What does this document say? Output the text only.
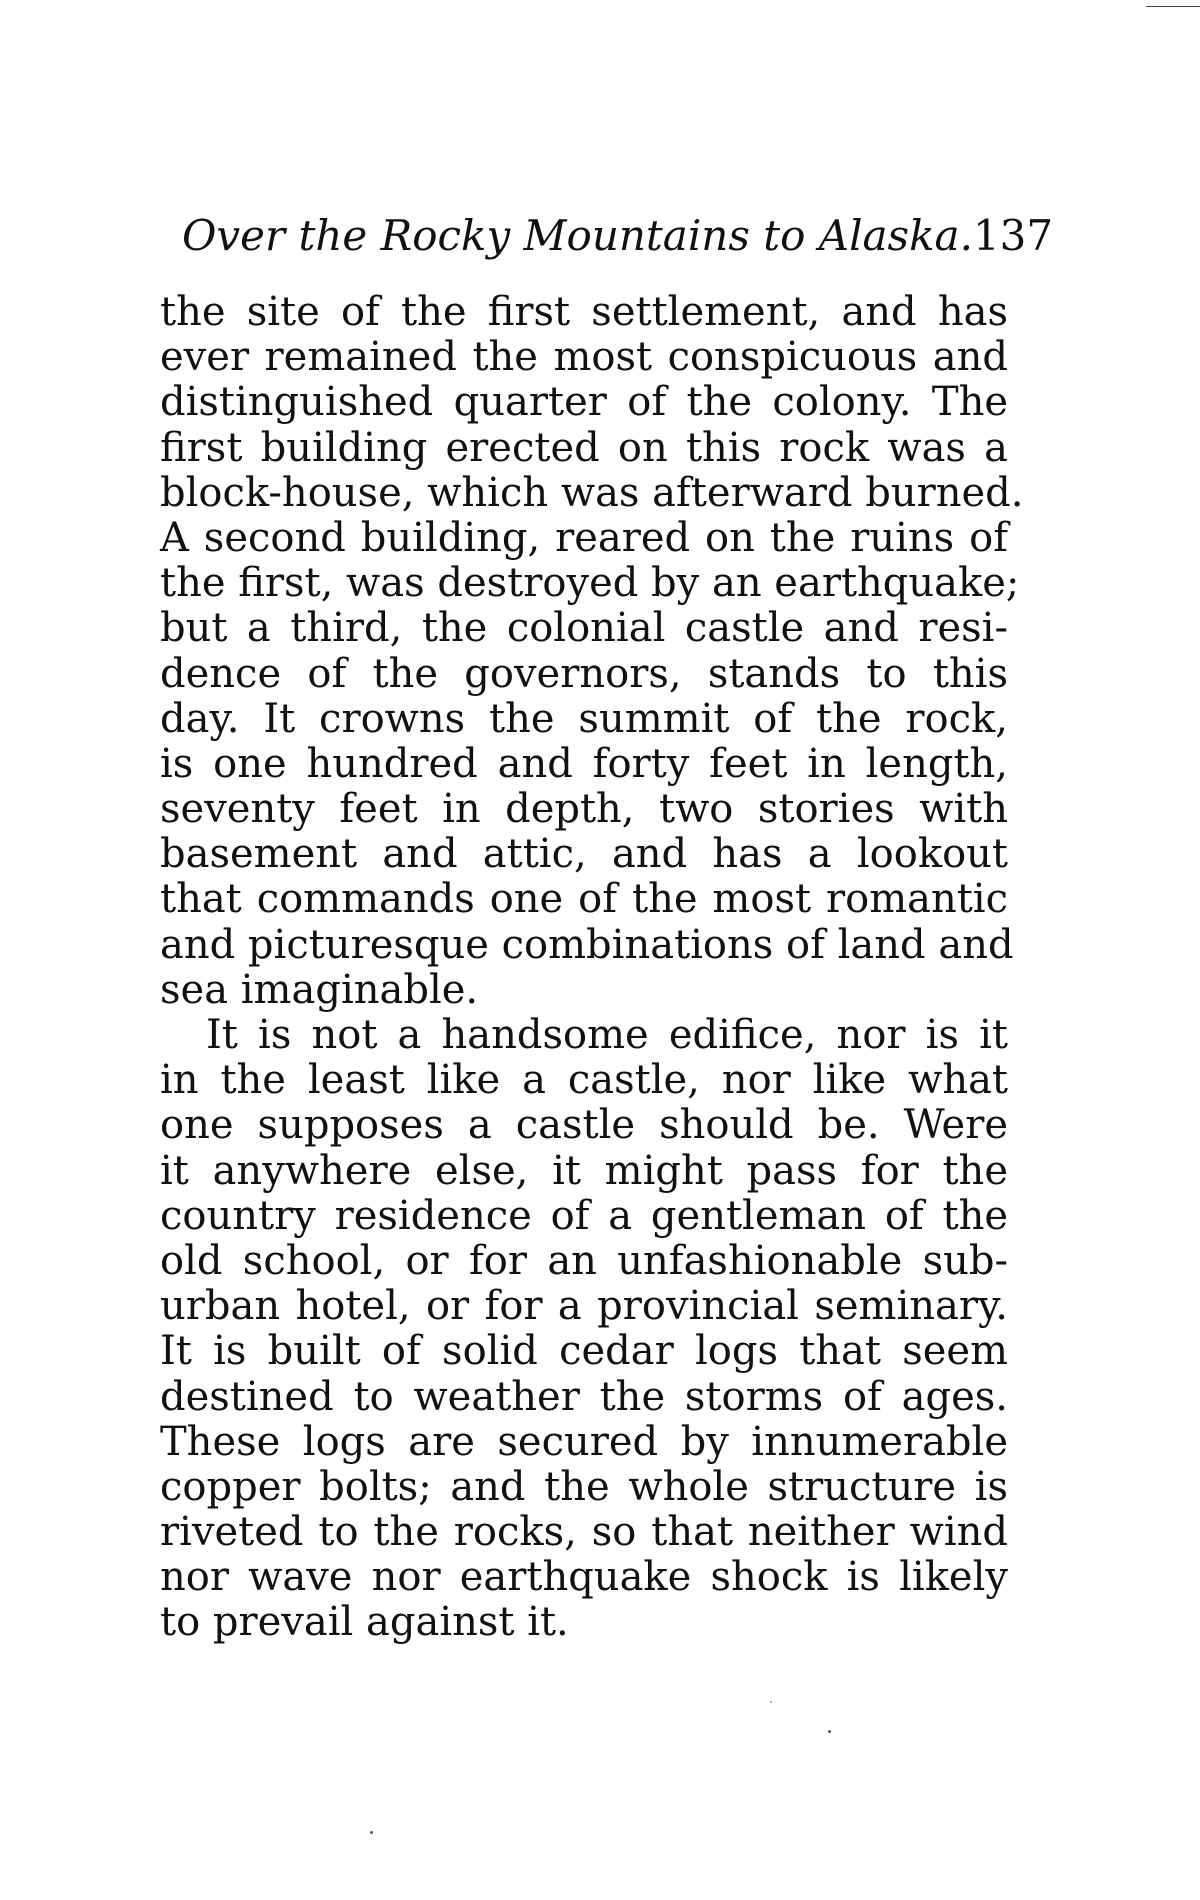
Over the Rocky Mountains to Alaska. 137
the site of the first settlement, and has
ever remained the most conspicuous and
distinguished quarter of the colony. The
first building erected on this rock was a
block-house, which was afterward burned.
A second building, reared on the ruins of
the first, was destroyed by an earthquake;
but a third, the colonial castle and resi-
dence of the governors, stands to this
day. It crowns the summit of the rock,
is one hundred and forty feet in length,
seventy feet in depth, two stories with
basement and attic, and has a lookout
that commands one of the most romantic
and picturesque combinations of land and
sea imaginable.
It is not a handsome edifice, nor is it
in the least like a castle, nor like what
one supposes a castle should be. Were
it anywhere else, it might pass for the
country residence of a gentleman of the
old school, or for an unfashionable sub-
urban hotel, or for a provincial seminary.
It is built of solid cedar logs that seem
destined to weather the storms of ages.
These logs are secured by innumerable
copper bolts; and the whole structure is
riveted to the rocks, so that neither wind
nor wave nor earthquake shock is likely
to prevail against it.
